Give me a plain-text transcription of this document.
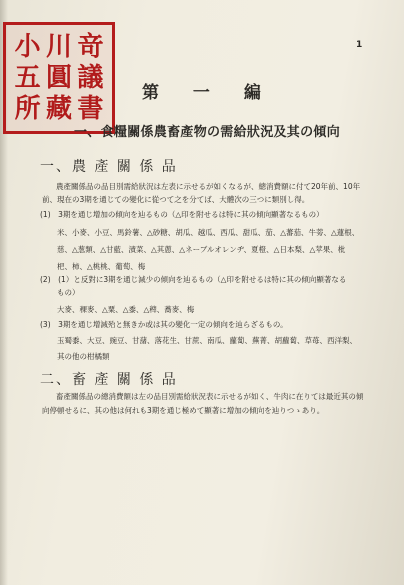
小 川 竒
五 圓 議
所 藏 書
1
第 一 編
一、食糧關係農畜產物の需給狀況及其の傾向
一、農 產 關 係 品
農產關係品の品目別需給狀況は左表に示せるが如くなるが、總消費額に付て20年前、10年
前、現在の3期を通じての變化に從つて之を分てば、大體次の三つに類別し得。
(1)　3期を通じ增加の傾向を辿るもの（△印を附せるは特に其の傾向顯著なるもの）
米、小麥、小豆、馬鈴薯、△砂糖、胡瓜、越瓜、西瓜、甜瓜、茄、△蕃茄、牛蒡、△蓮根、
慈、△葱類、△甘藍、漬菜、△其蔥、△ネーブルオレンヂ、夏橙、△日本梨、△苹果、枇
杷、柿、△桃桃、葡萄、梅
(2)　(1）と反對に3期を通じ減少の傾向を辿るもの（△印を附せるは特に其の傾向顯著なる
もの）
大麥、稞麥、△粟、△黍、△稗、蕎麥、梅
(3)　3期を通じ增減殆と無きか或は其の變化一定の傾向を辿らざるもの。
玉蜀黍、大豆、豌豆、甘藷、落花生、甘蔗、南瓜、蘿蔔、蕪菁、胡蘿蔔、草苺、西洋梨、
其の他の柑橘類
二、畜 產 關 係 品
畜產關係品の總消費額は左の品目別需給狀況表に示せるが如く、牛肉に在りては最近其の傾
向停頓せるに、其の他は何れも3期を通じ極めて顯著に增加の傾向を辿りつゝあり。
